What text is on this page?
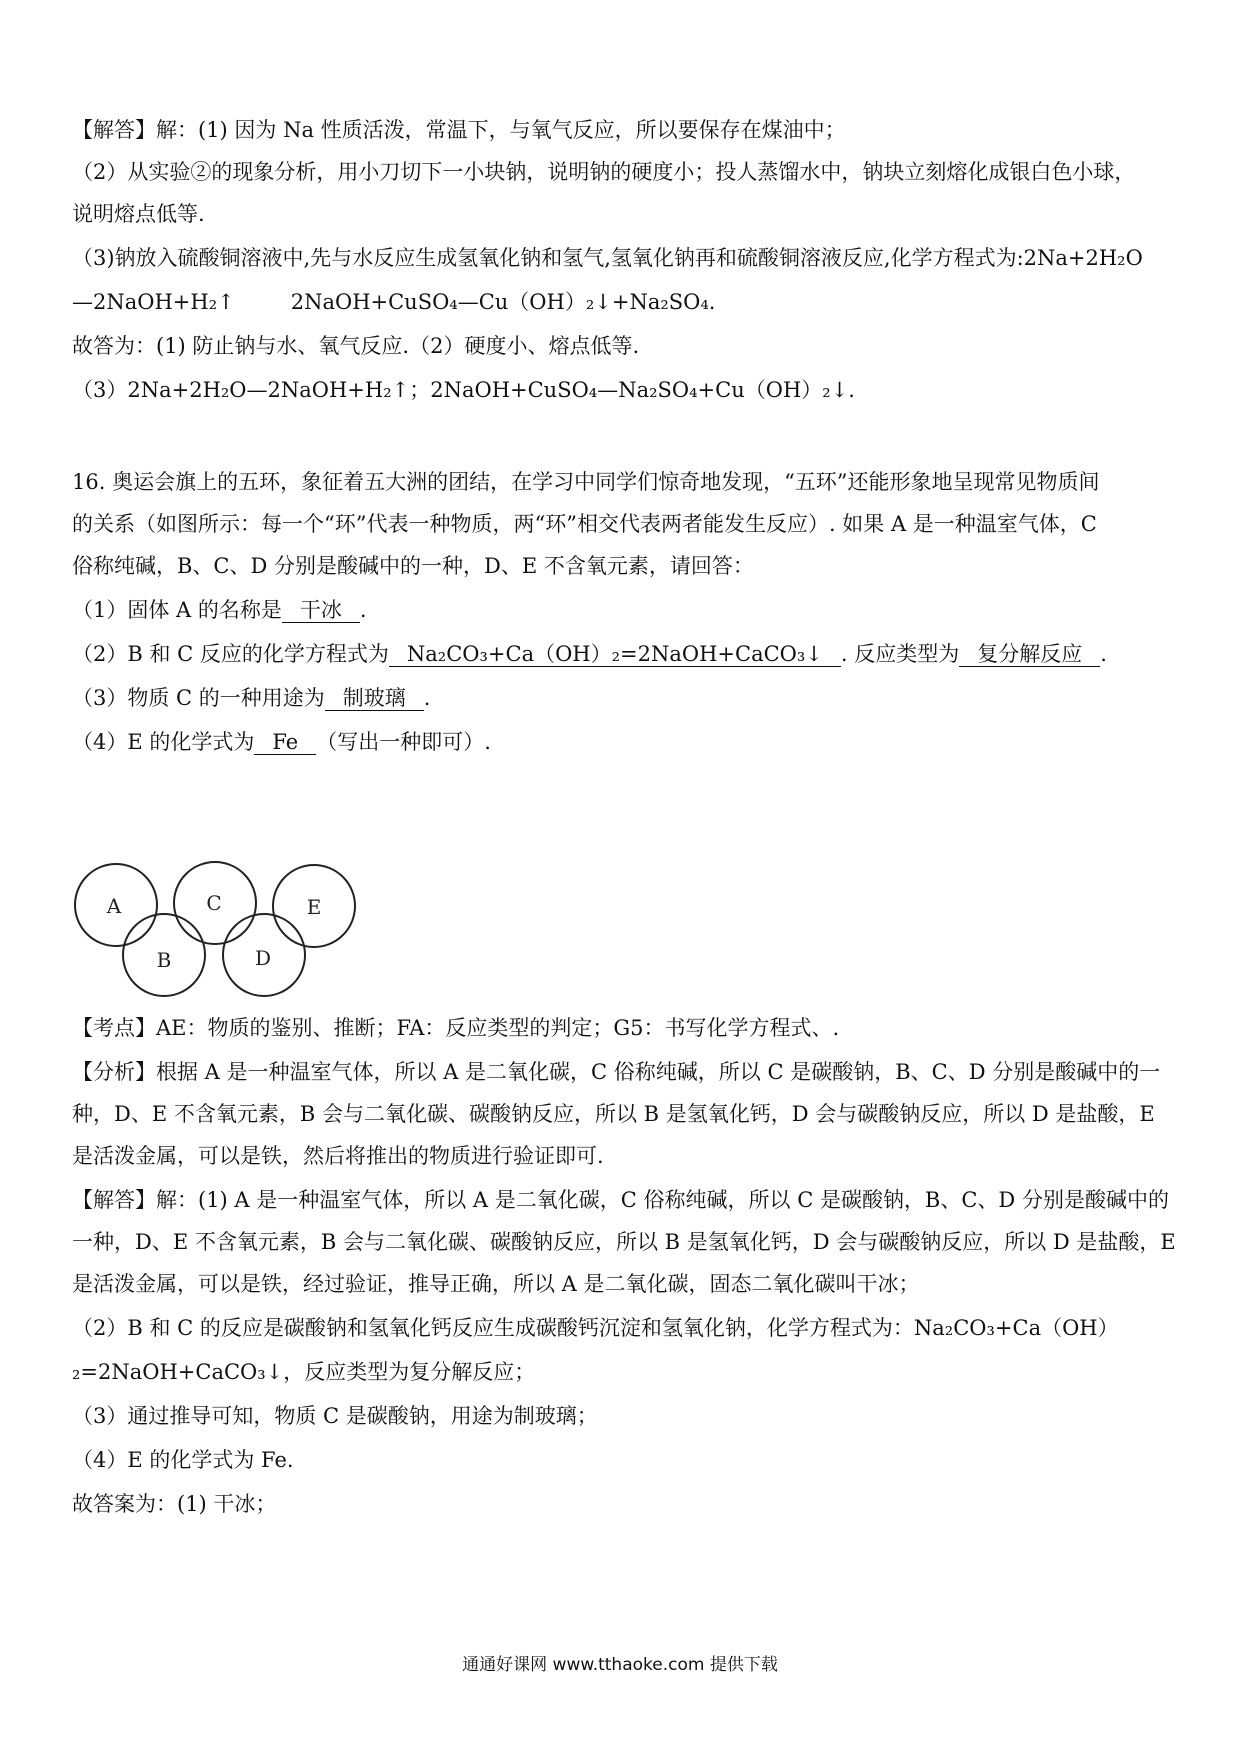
【解答】解：(1) 因为 Na 性质活泼，常温下，与氧气反应，所以要保存在煤油中；
（2）从实验②的现象分析，用小刀切下一小块钠，说明钠的硬度小；投人蒸馏水中，钠块立刻熔化成银白色小球，
说明熔点低等.
（3)钠放入硫酸铜溶液中,先与水反应生成氢氧化钠和氢气,氢氧化钠再和硫酸铜溶液反应,化学方程式为:2Na+2H₂O
—2NaOH+H₂↑	2NaOH+CuSO₄—Cu（OH）₂↓+Na₂SO₄.
故答为：(1) 防止钠与水、氧气反应.（2）硬度小、熔点低等.
（3）2Na+2H₂O—2NaOH+H₂↑；2NaOH+CuSO₄—Na₂SO₄+Cu（OH）₂↓.
16. 奥运会旗上的五环，象征着五大洲的团结，在学习中同学们惊奇地发现，“五环”还能形象地呈现常见物质间
的关系（如图所示：每一个“环”代表一种物质，两“环”相交代表两者能发生反应）. 如果 A 是一种温室气体，C
俗称纯碱，B、C、D 分别是酸碱中的一种，D、E 不含氧元素，请回答：
（1）固体 A 的名称是 干冰 .
（2）B 和 C 反应的化学方程式为 Na₂CO₃+Ca（OH）₂=2NaOH+CaCO₃↓ . 反应类型为 复分解反应 .
（3）物质 C 的一种用途为 制玻璃 .
（4）E 的化学式为 Fe （写出一种即可）.
A
B
C
D
E
【考点】AE：物质的鉴别、推断；FA：反应类型的判定；G5：书写化学方程式、.
【分析】根据 A 是一种温室气体，所以 A 是二氧化碳，C 俗称纯碱，所以 C 是碳酸钠，B、C、D 分别是酸碱中的一
种，D、E 不含氧元素，B 会与二氧化碳、碳酸钠反应，所以 B 是氢氧化钙，D 会与碳酸钠反应，所以 D 是盐酸，E
是活泼金属，可以是铁，然后将推出的物质进行验证即可.
【解答】解：(1) A 是一种温室气体，所以 A 是二氧化碳，C 俗称纯碱，所以 C 是碳酸钠，B、C、D 分别是酸碱中的
一种，D、E 不含氧元素，B 会与二氧化碳、碳酸钠反应，所以 B 是氢氧化钙，D 会与碳酸钠反应，所以 D 是盐酸，E
是活泼金属，可以是铁，经过验证，推导正确，所以 A 是二氧化碳，固态二氧化碳叫干冰；
（2）B 和 C 的反应是碳酸钠和氢氧化钙反应生成碳酸钙沉淀和氢氧化钠，化学方程式为：Na₂CO₃+Ca（OH）
₂=2NaOH+CaCO₃↓，反应类型为复分解反应；
（3）通过推导可知，物质 C 是碳酸钠，用途为制玻璃；
（4）E 的化学式为 Fe.
故答案为：(1) 干冰；
通通好课网 www.tthaoke.com 提供下载
